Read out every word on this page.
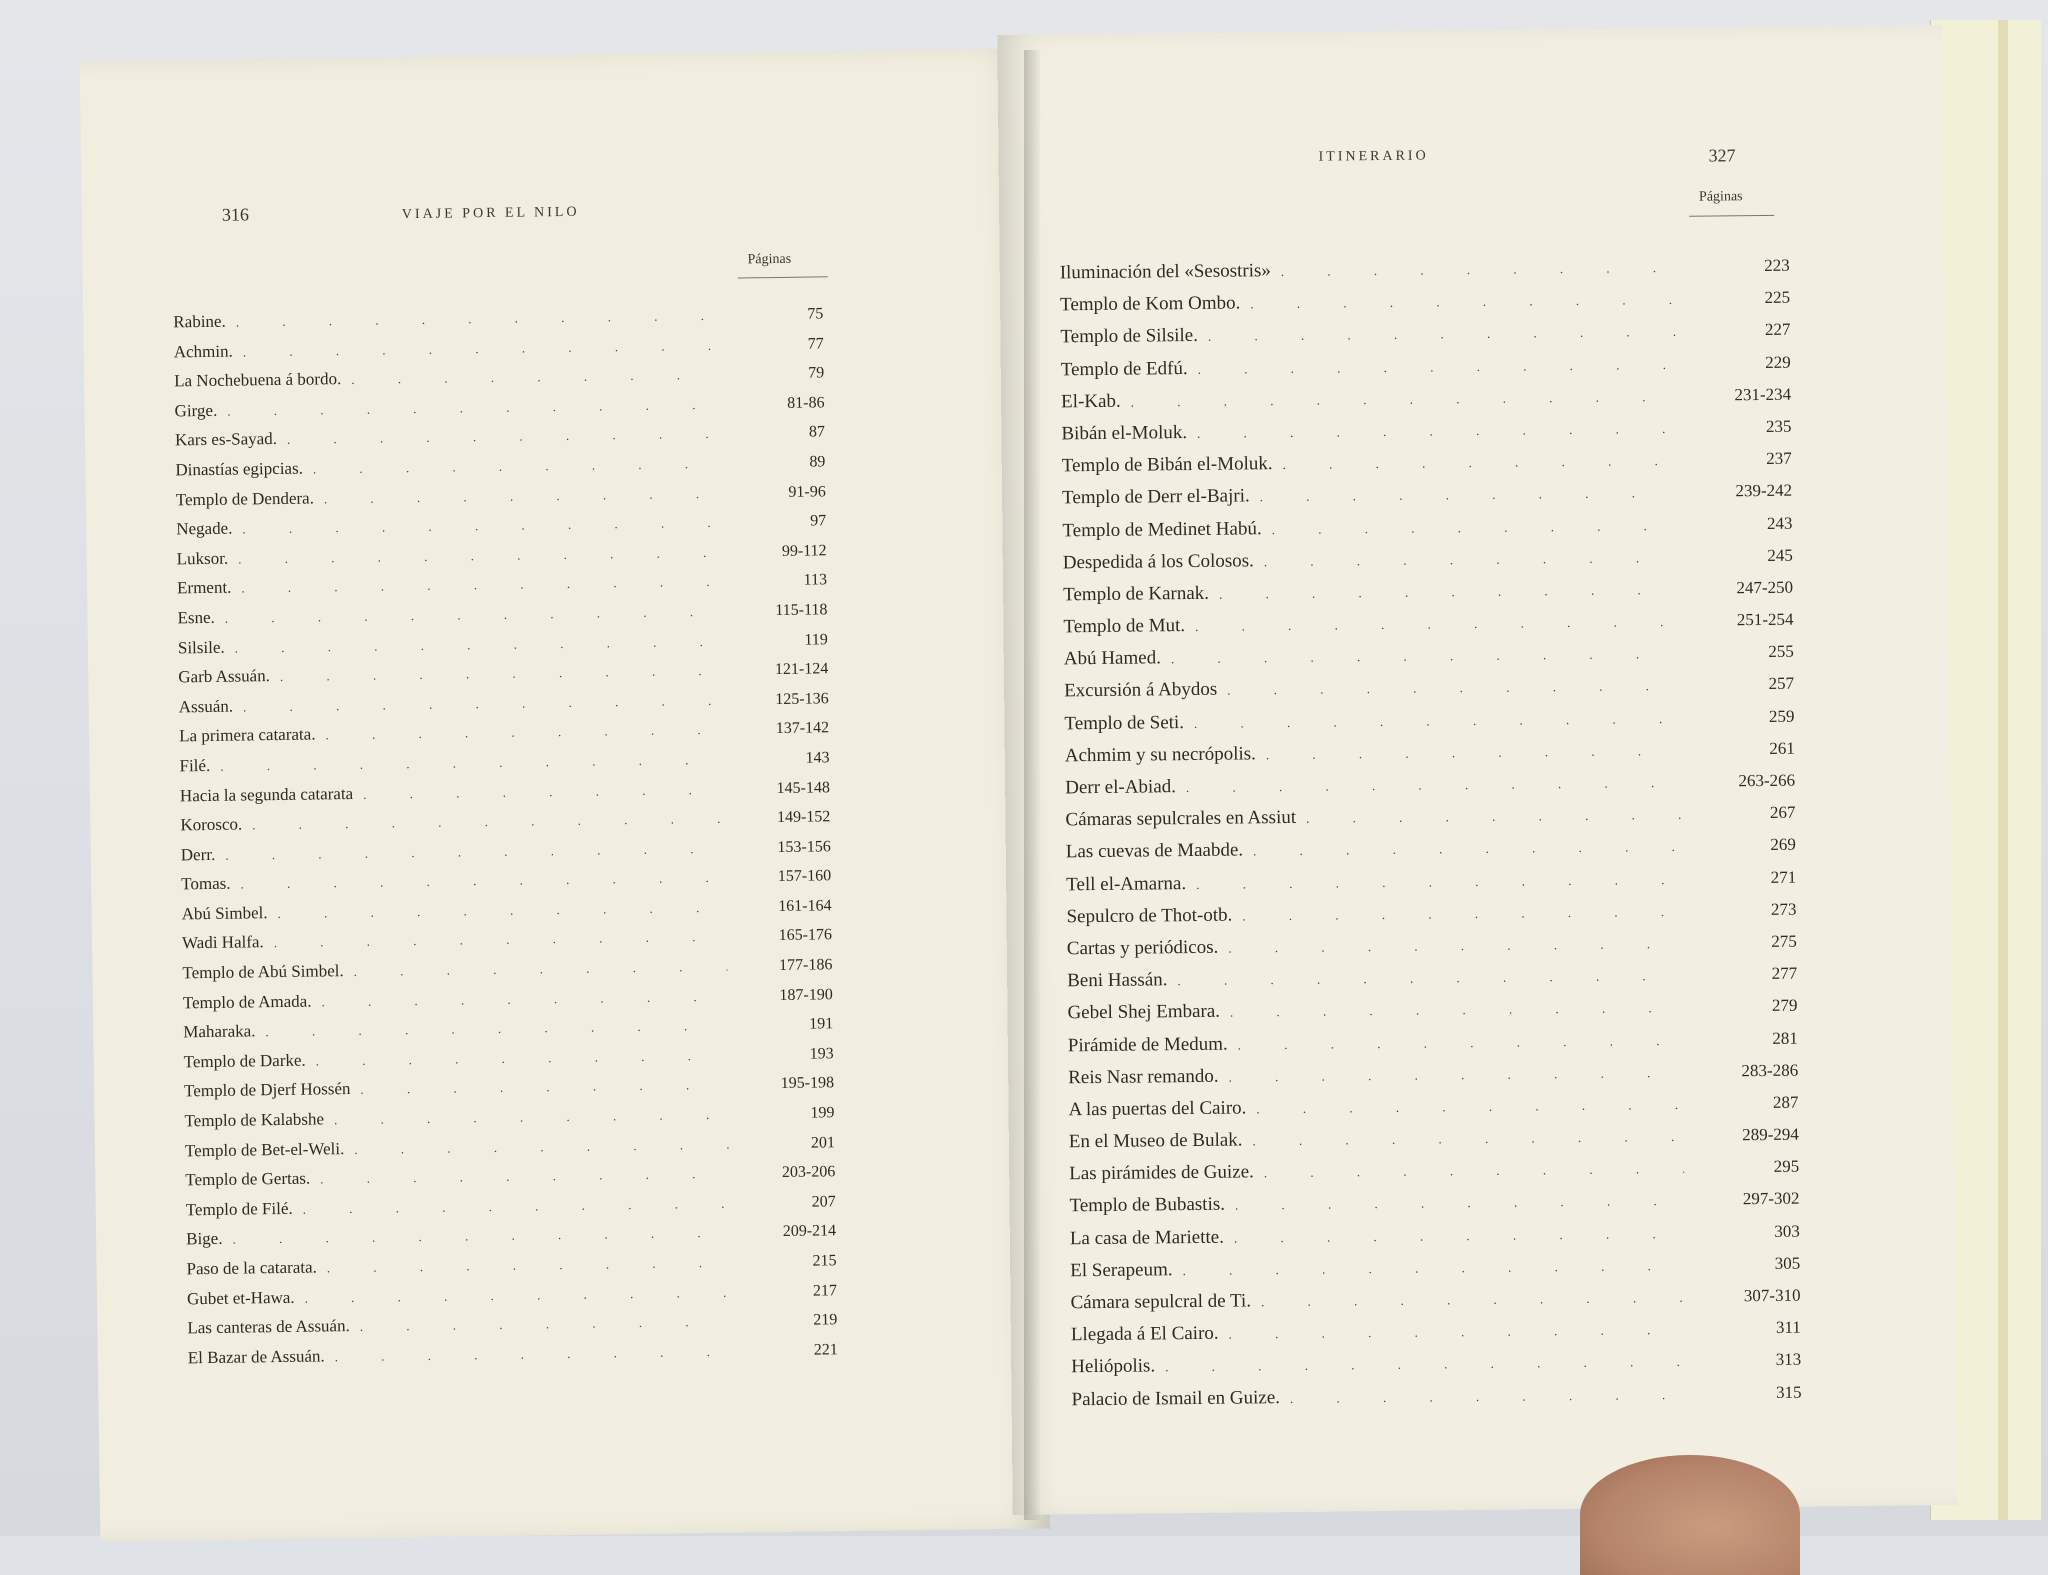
316	VIAJE POR EL NILO
Páginas
Rabine. . . .	75
Achmin. . . .	77
La Nochebuena á bordo. . . .	79
Girge. . . .	81-86
Kars es-Sayad. . . .	87
Dinastías egipcias. . . .	89
Templo de Dendera. . . .	91-96
Negade. . . .	97
Luksor. . . .	99-112
Erment. . . .	113
Esne. . . .	115-118
Silsile. . . .	119
Garb Assuán. . . .	121-124
Assuán. . . .	125-136
La primera catarata. . . .	137-142
Filé. . . .	143
Hacia la segunda catarata . . .	145-148
Korosco. . . .	149-152
Derr. . . .	153-156
Tomas. . . .	157-160
Abú Simbel. . . .	161-164
Wadi Halfa. . . .	165-176
Templo de Abú Simbel. . . .	177-186
Templo de Amada. . . .	187-190
Maharaka. . . .	191
Templo de Darke. . . .	193
Templo de Djerf Hossén . . .	195-198
Templo de Kalabshe . . .	199
Templo de Bet-el-Weli. . . .	201
Templo de Gertas. . . .	203-206
Templo de Filé. . . .	207
Bige. . . .	209-214
Paso de la catarata. . . .	215
Gubet et-Hawa. . . .	217
Las canteras de Assuán. . . .	219
El Bazar de Assuán. . . .	221
ITINERARIO	327
Páginas
Iluminación del «Sesostris» . . .	223
Templo de Kom Ombo. . . .	225
Templo de Silsile. . . .	227
Templo de Edfú. . . .	229
El-Kab. . . .	231-234
Bibán el-Moluk. . . .	235
Templo de Bibán el-Moluk. . . .	237
Templo de Derr el-Bajri. . . .	239-242
Templo de Medinet Habú. . . .	243
Despedida á los Colosos. . . .	245
Templo de Karnak. . . .	247-250
Templo de Mut. . . .	251-254
Abú Hamed. . . .	255
Excursión á Abydos . . .	257
Templo de Seti. . . .	259
Achmim y su necrópolis. . . .	261
Derr el-Abiad. . . .	263-266
Cámaras sepulcrales en Assiut . . .	267
Las cuevas de Maabde. . . .	269
Tell el-Amarna. . . .	271
Sepulcro de Thot-otb. . . .	273
Cartas y periódicos. . . .	275
Beni Hassán. . . .	277
Gebel Shej Embara. . . .	279
Pirámide de Medum. . . .	281
Reis Nasr remando. . . .	283-286
A las puertas del Cairo. . . .	287
En el Museo de Bulak. . . .	289-294
Las pirámides de Guize. . . .	295
Templo de Bubastis. . . .	297-302
La casa de Mariette. . . .	303
El Serapeum. . . .	305
Cámara sepulcral de Ti. . . .	307-310
Llegada á El Cairo. . . .	311
Heliópolis. . . .	313
Palacio de Ismail en Guize. . . .	315
